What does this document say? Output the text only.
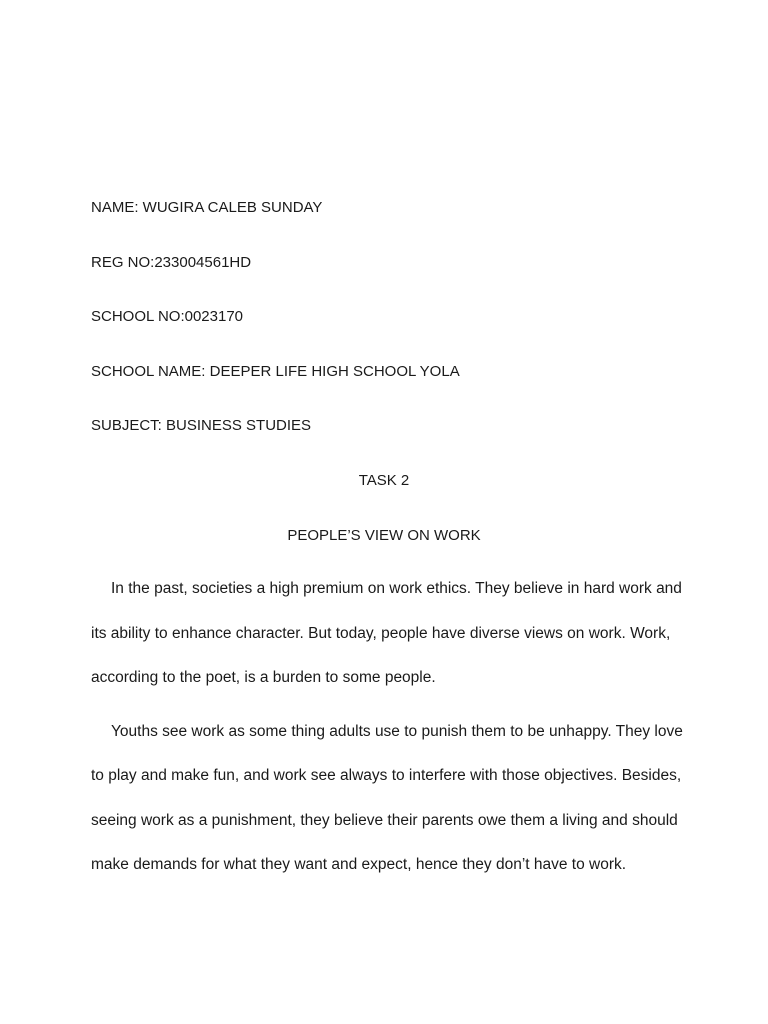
NAME: WUGIRA CALEB SUNDAY

REG NO:233004561HD

SCHOOL NO:0023170

SCHOOL NAME: DEEPER LIFE HIGH SCHOOL YOLA

SUBJECT: BUSINESS STUDIES

TASK 2

PEOPLE’S VIEW ON WORK

In the past, societies a high premium on work ethics. They believe in hard work and its ability to enhance character. But today, people have diverse views on work. Work, according to the poet, is a burden to some people.

Youths see work as some thing adults use to punish them to be unhappy. They love to play and make fun, and work see always to interfere with those objectives. Besides, seeing work as a punishment, they believe their parents owe them a living and should make demands for what they want and expect, hence they don’t have to work.
